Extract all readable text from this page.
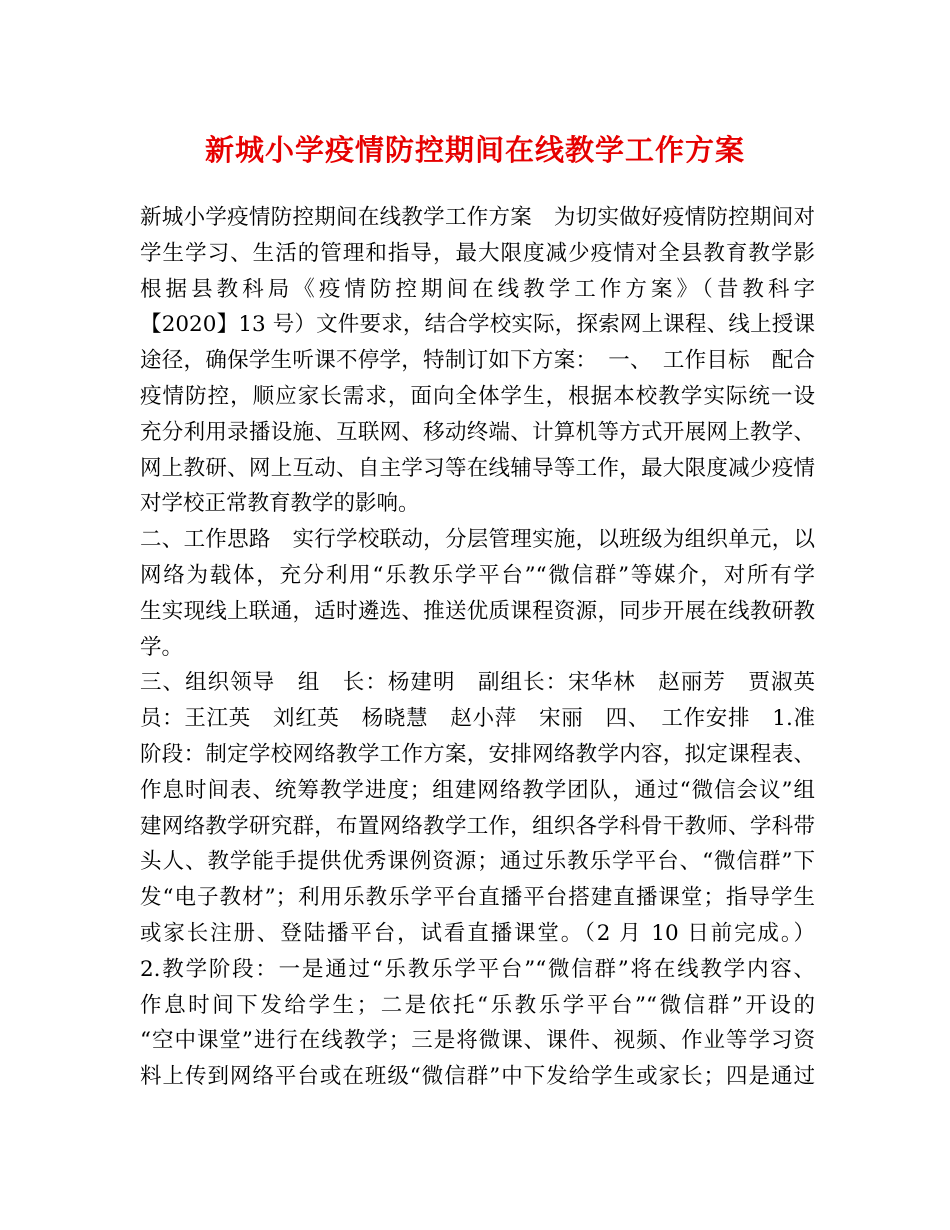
新城小学疫情防控期间在线教学工作方案
新城小学疫情防控期间在线教学工作方案　为切实做好疫情防控期间对
学生学习、生活的管理和指导，最大限度减少疫情对全县教育教学影
根据县教科局《疫情防控期间在线教学工作方案》（昔教科字
【2020】13 号）文件要求，结合学校实际，探索网上课程、线上授课
途径，确保学生听课不停学，特制订如下方案：　一、　工作目标　配合
疫情防控，顺应家长需求，面向全体学生，根据本校教学实际统一设
充分利用录播设施、互联网、移动终端、计算机等方式开展网上教学、
网上教研、网上互动、自主学习等在线辅导等工作，最大限度减少疫情
对学校正常教育教学的影响。
二、工作思路　实行学校联动，分层管理实施，以班级为组织单元，以
网络为载体，充分利用“乐教乐学平台”“微信群”等媒介，对所有学
生实现线上联通，适时遴选、推送优质课程资源，同步开展在线教研教
学。
三、组织领导　组　长：杨建明　副组长：宋华林　赵丽芳　贾淑英　
员：王江英　刘红英　杨晓慧　赵小萍　宋丽　四、　工作安排　1.准
阶段：制定学校网络教学工作方案，安排网络教学内容，拟定课程表、
作息时间表、统筹教学进度；组建网络教学团队，通过“微信会议”组
建网络教学研究群，布置网络教学工作，组织各学科骨干教师、学科带
头人、教学能手提供优秀课例资源；通过乐教乐学平台、“微信群”下
发“电子教材”；利用乐教乐学平台直播平台搭建直播课堂；指导学生
或家长注册、登陆播平台，试看直播课堂。（2 月 10 日前完成。）
2.教学阶段：一是通过“乐教乐学平台”“微信群”将在线教学内容、
作息时间下发给学生；二是依托“乐教乐学平台”“微信群”开设的
“空中课堂”进行在线教学；三是将微课、课件、视频、作业等学习资
料上传到网络平台或在班级“微信群”中下发给学生或家长；四是通过
